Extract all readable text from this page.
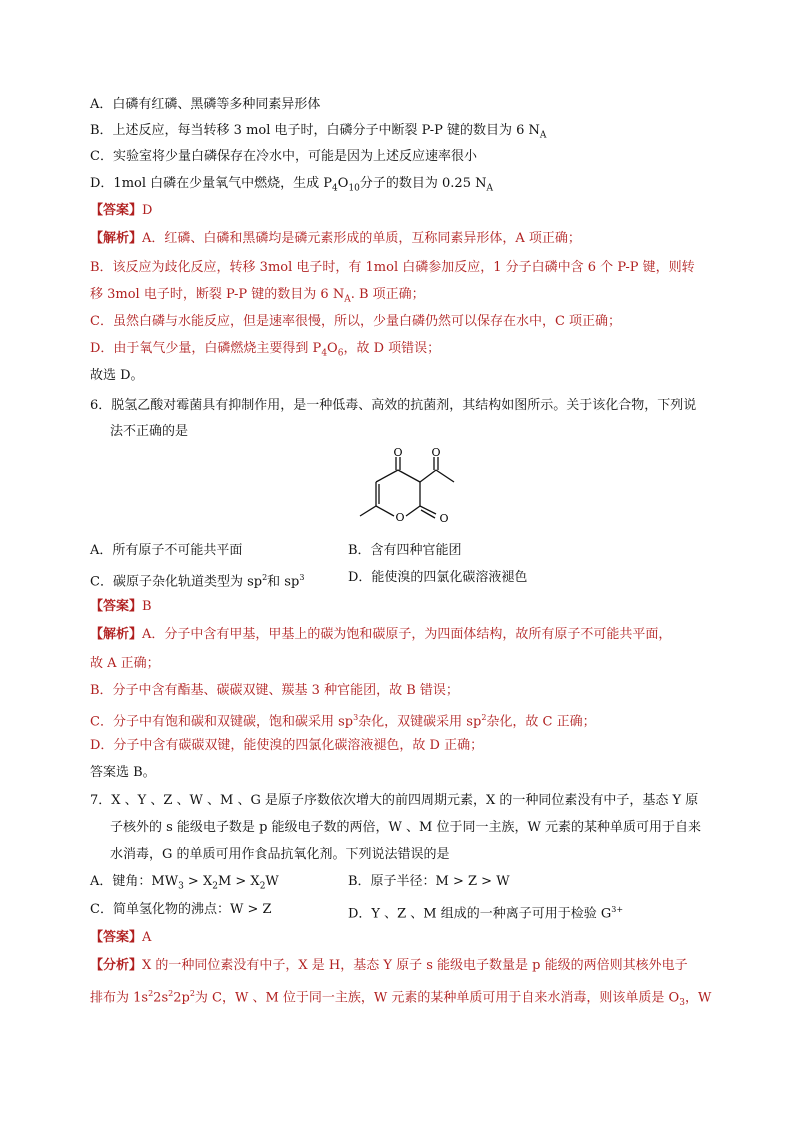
A．白磷有红磷、黑磷等多种同素异形体
B．上述反应，每当转移 3 mol 电子时，白磷分子中断裂 P-P 键的数目为 6 $N_A$
C．实验室将少量白磷保存在冷水中，可能是因为上述反应速率很小
D．1mol 白磷在少量氧气中燃烧，生成 $P_4O_{10}$分子的数目为 0.25 $N_A$
【答案】D
【解析】A．红磷、白磷和黑磷均是磷元素形成的单质，互称同素异形体，A 项正确；
B．该反应为歧化反应，转移 3mol 电子时，有 1mol 白磷参加反应，1 分子白磷中含 6 个 P-P 键，则转
移 3mol 电子时，断裂 P-P 键的数目为 6 $N_A$. B 项正确；
C．虽然白磷与水能反应，但是速率很慢，所以，少量白磷仍然可以保存在水中，C 项正确；
D．由于氧气少量，白磷燃烧主要得到 $P_4O_6$，故 D 项错误；
故选 D。
6．脱氢乙酸对霉菌具有抑制作用，是一种低毒、高效的抗菌剂，其结构如图所示。关于该化合物，下列说
法不正确的是
O	O
O	O
A．所有原子不可能共平面	B．含有四种官能团
C．碳原子杂化轨道类型为 $sp^2$和 $sp^3$	D．能使溴的四氯化碳溶液褪色
【答案】B
【解析】A．分子中含有甲基，甲基上的碳为饱和碳原子，为四面体结构，故所有原子不可能共平面，
故 A 正确；
B．分子中含有酯基、碳碳双键、羰基 3 种官能团，故 B 错误；
C．分子中有饱和碳和双键碳，饱和碳采用 $sp^3$杂化，双键碳采用 $sp^2$杂化，故 C 正确；
D．分子中含有碳碳双键，能使溴的四氯化碳溶液褪色，故 D 正确；
答案选 B。
7．X 、Y 、Z 、W 、M 、G 是原子序数依次增大的前四周期元素，X 的一种同位素没有中子，基态 Y 原
子核外的 s 能级电子数是 p 能级电子数的两倍，W 、M 位于同一主族，W 元素的某种单质可用于自来
水消毒，G 的单质可用作食品抗氧化剂。下列说法错误的是
A．键角：$MW_3 > X_2M > X_2W$	B．原子半径：M > Z > W
C．简单氢化物的沸点：W > Z	D．Y 、Z 、M 组成的一种离子可用于检验 $G^{3+}$
【答案】A
【分析】X 的一种同位素没有中子，X 是 H，基态 Y 原子 s 能级电子数量是 p 能级的两倍则其核外电子
排布为 $1s^22s^22p^2$为 C，W 、M 位于同一主族，W 元素的某种单质可用于自来水消毒，则该单质是 $O_3$，W
